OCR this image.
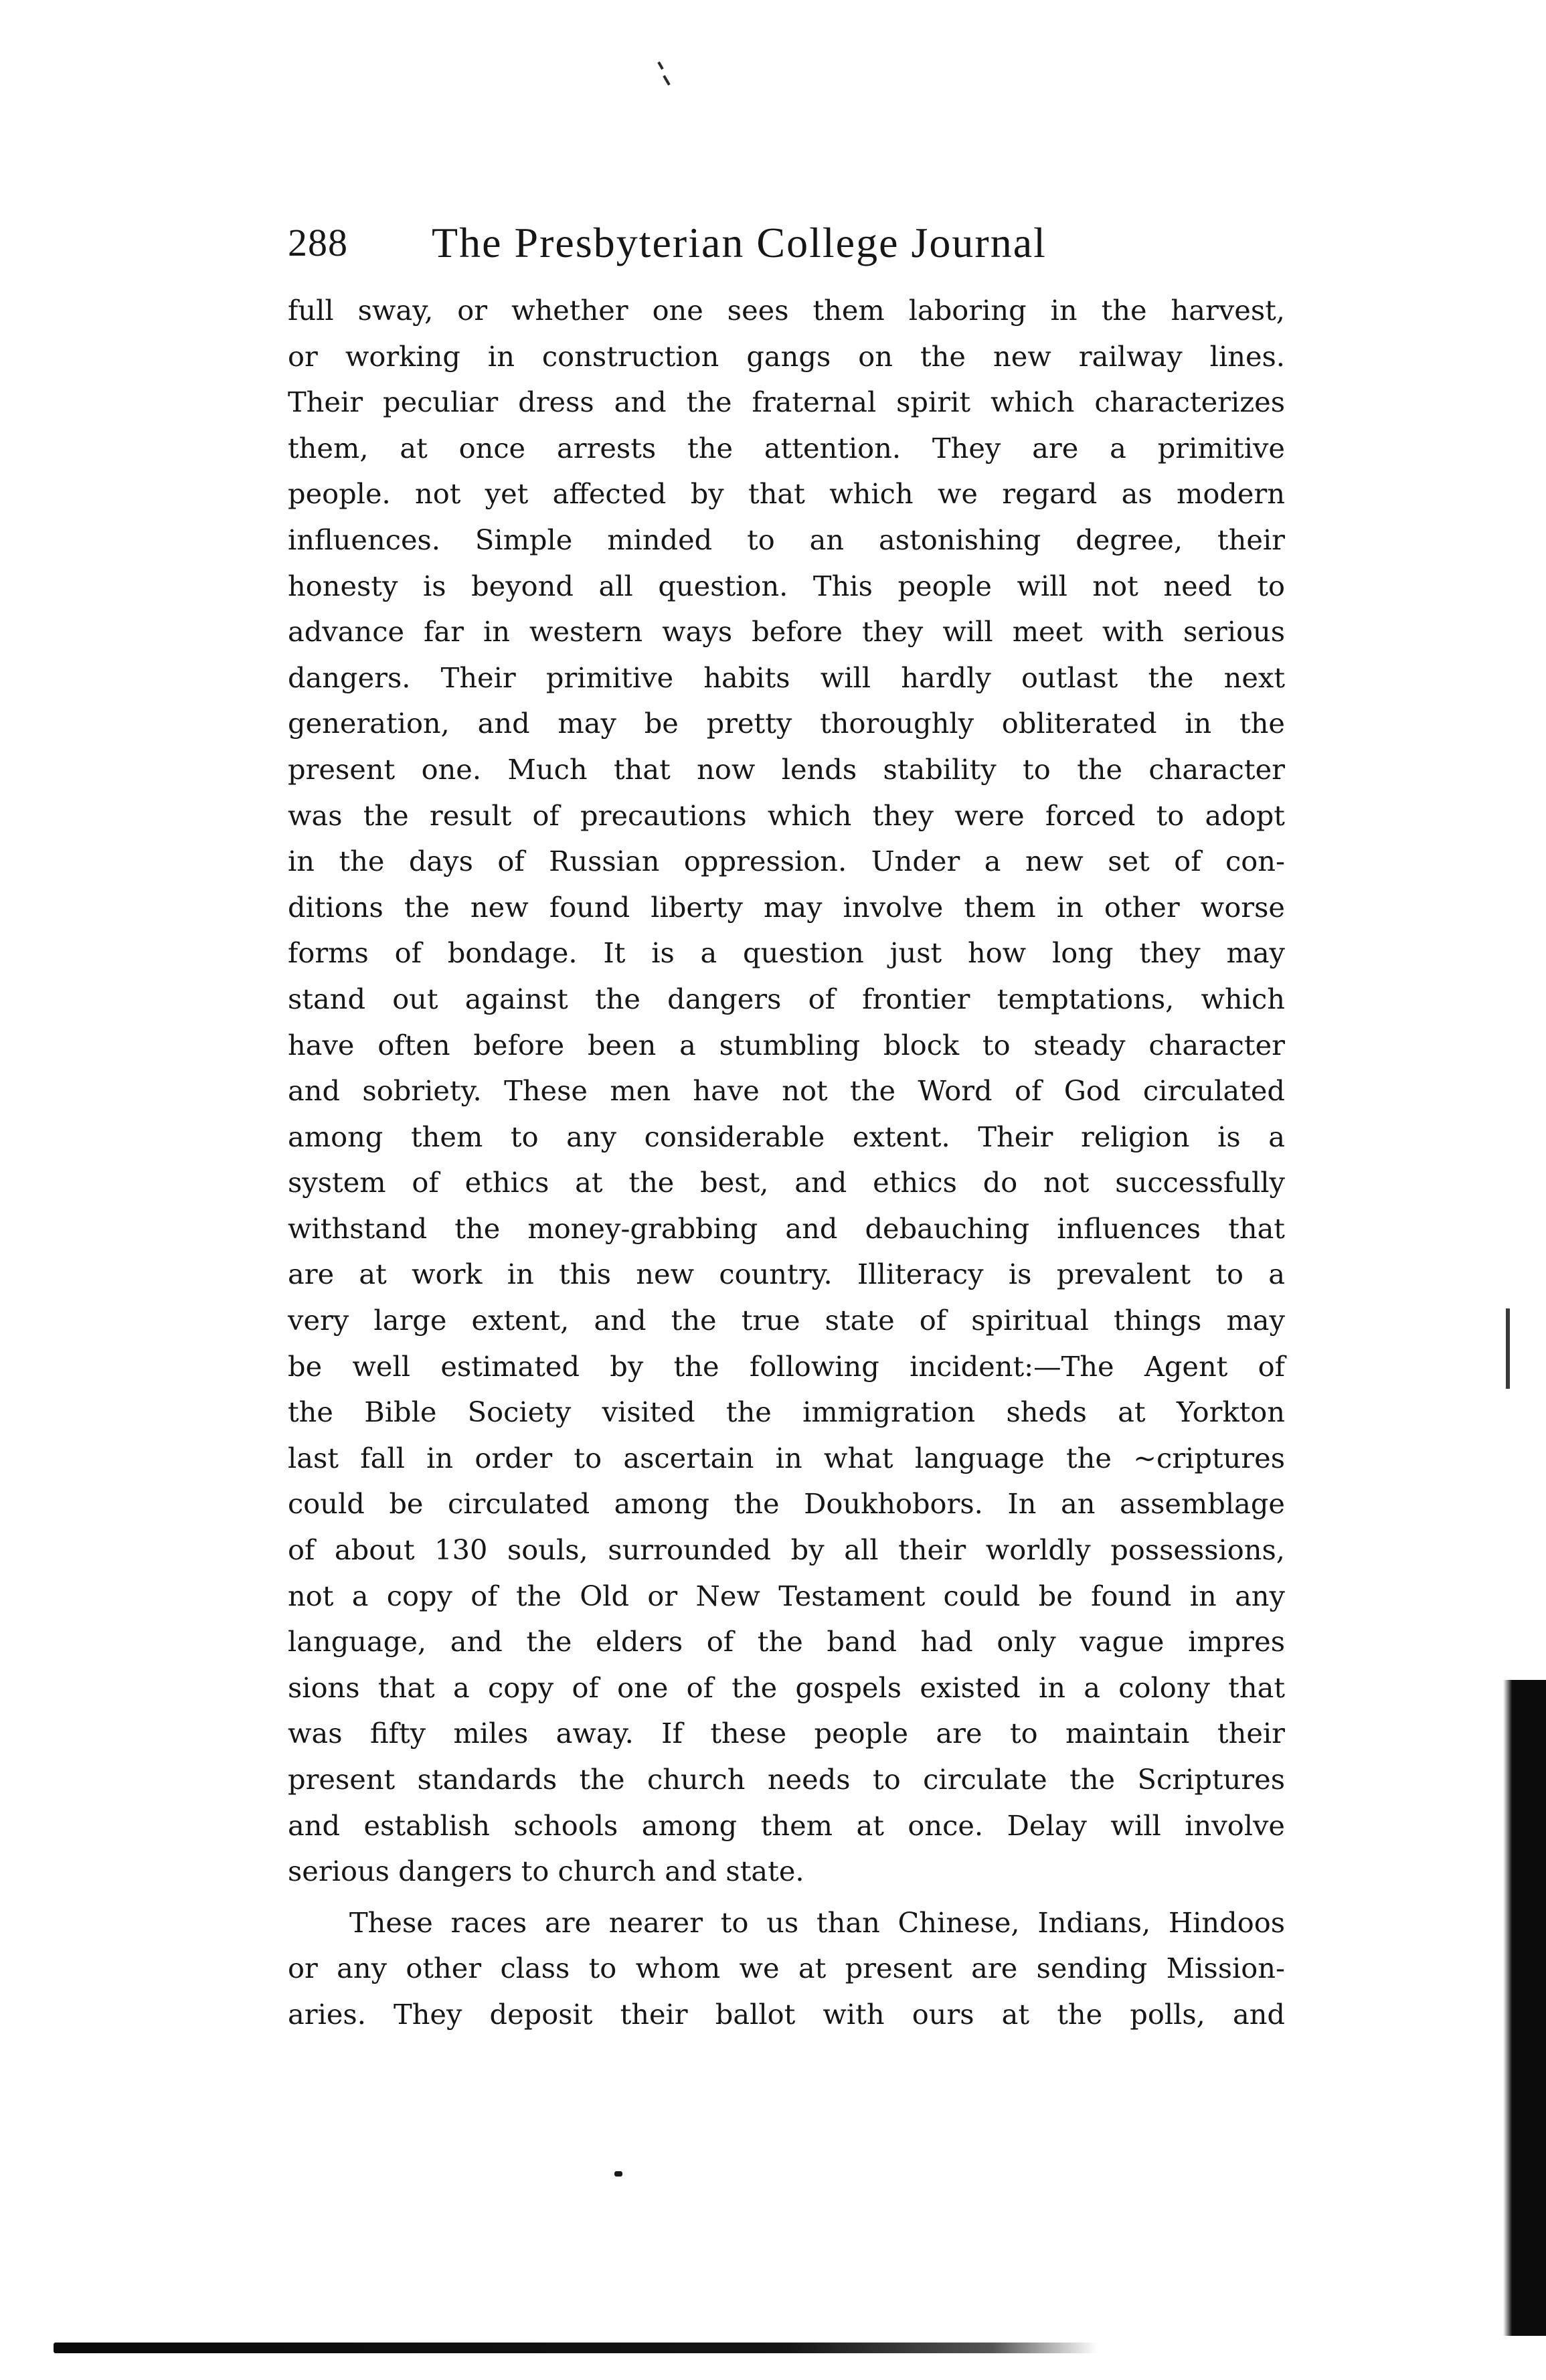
288 The Presbyterian College Journal
full sway, or whether one sees them laboring in the harvest,
or working in construction gangs on the new railway lines.
Their peculiar dress and the fraternal spirit which characterizes
them, at once arrests the attention. They are a primitive
people. not yet affected by that which we regard as modern
influences. Simple minded to an astonishing degree, their
honesty is beyond all question. This people will not need to
advance far in western ways before they will meet with serious
dangers. Their primitive habits will hardly outlast the next
generation, and may be pretty thoroughly obliterated in the
present one. Much that now lends stability to the character
was the result of precautions which they were forced to adopt
in the days of Russian oppression. Under a new set of con-
ditions the new found liberty may involve them in other worse
forms of bondage. It is a question just how long they may
stand out against the dangers of frontier temptations, which
have often before been a stumbling block to steady character
and sobriety. These men have not the Word of God circulated
among them to any considerable extent. Their religion is a
system of ethics at the best, and ethics do not successfully
withstand the money-grabbing and debauching influences that
are at work in this new country. Illiteracy is prevalent to a
very large extent, and the true state of spiritual things may
be well estimated by the following incident:—The Agent of
the Bible Society visited the immigration sheds at Yorkton
last fall in order to ascertain in what language the ~criptures
could be circulated among the Doukhobors. In an assemblage
of about 130 souls, surrounded by all their worldly possessions,
not a copy of the Old or New Testament could be found in any
language, and the elders of the band had only vague impres
sions that a copy of one of the gospels existed in a colony that
was fifty miles away. If these people are to maintain their
present standards the church needs to circulate the Scriptures
and establish schools among them at once. Delay will involve
serious dangers to church and state.
These races are nearer to us than Chinese, Indians, Hindoos
or any other class to whom we at present are sending Mission-
aries. They deposit their ballot with ours at the polls, and
